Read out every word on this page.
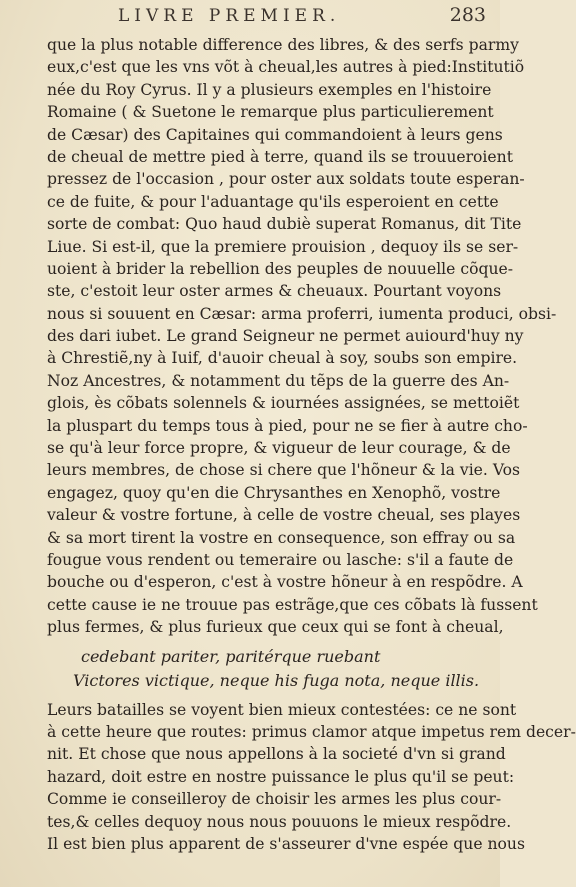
LIVRE PREMIER.	283
que la plus notable difference des libres, & des serfs parmy
eux,c'est que les vns võt à cheual,les autres à pied:Institutiõ
née du Roy Cyrus. Il y a plusieurs exemples en l'histoire
Romaine ( & Suetone le remarque plus particulierement
de Cæsar) des Capitaines qui commandoient à leurs gens
de cheual de mettre pied à terre, quand ils se trouueroient
pressez de l'occasion , pour oster aux soldats toute esperan-
ce de fuite, & pour l'aduantage qu'ils esperoient en cette
sorte de combat: Quo haud dubiè superat Romanus, dit Tite
Liue. Si est-il, que la premiere prouision , dequoy ils se ser-
uoient à brider la rebellion des peuples de nouuelle cõque-
ste, c'estoit leur oster armes & cheuaux. Pourtant voyons
nous si souuent en Cæsar: arma proferri, iumenta produci, obsi-
des dari iubet. Le grand Seigneur ne permet auiourd'huy ny
à Chrestiẽ,ny à Iuif, d'auoir cheual à soy, soubs son empire.
Noz Ancestres, & notamment du tẽps de la guerre des An-
glois, ès cõbats solennels & iournées assignées, se mettoiẽt
la pluspart du temps tous à pied, pour ne se fier à autre cho-
se qu'à leur force propre, & vigueur de leur courage, & de
leurs membres, de chose si chere que l'hõneur & la vie. Vos
engagez, quoy qu'en die Chrysanthes en Xenophõ, vostre
valeur & vostre fortune, à celle de vostre cheual, ses playes
& sa mort tirent la vostre en consequence, son effray ou sa
fougue vous rendent ou temeraire ou lasche: s'il a faute de
bouche ou d'esperon, c'est à vostre hõneur à en respõdre. A
cette cause ie ne trouue pas estrãge,que ces cõbats là fussent
plus fermes, & plus furieux que ceux qui se font à cheual,
cedebant pariter, paritérque ruebant
Victores victique, neque his fuga nota, neque illis.
Leurs batailles se voyent bien mieux contestées: ce ne sont
à cette heure que routes: primus clamor atque impetus rem decer-
nit. Et chose que nous appellons à la societé d'vn si grand
hazard, doit estre en nostre puissance le plus qu'il se peut:
Comme ie conseilleroy de choisir les armes les plus cour-
tes,& celles dequoy nous nous pouuons le mieux respõdre.
Il est bien plus apparent de s'asseurer d'vne espée que nous
